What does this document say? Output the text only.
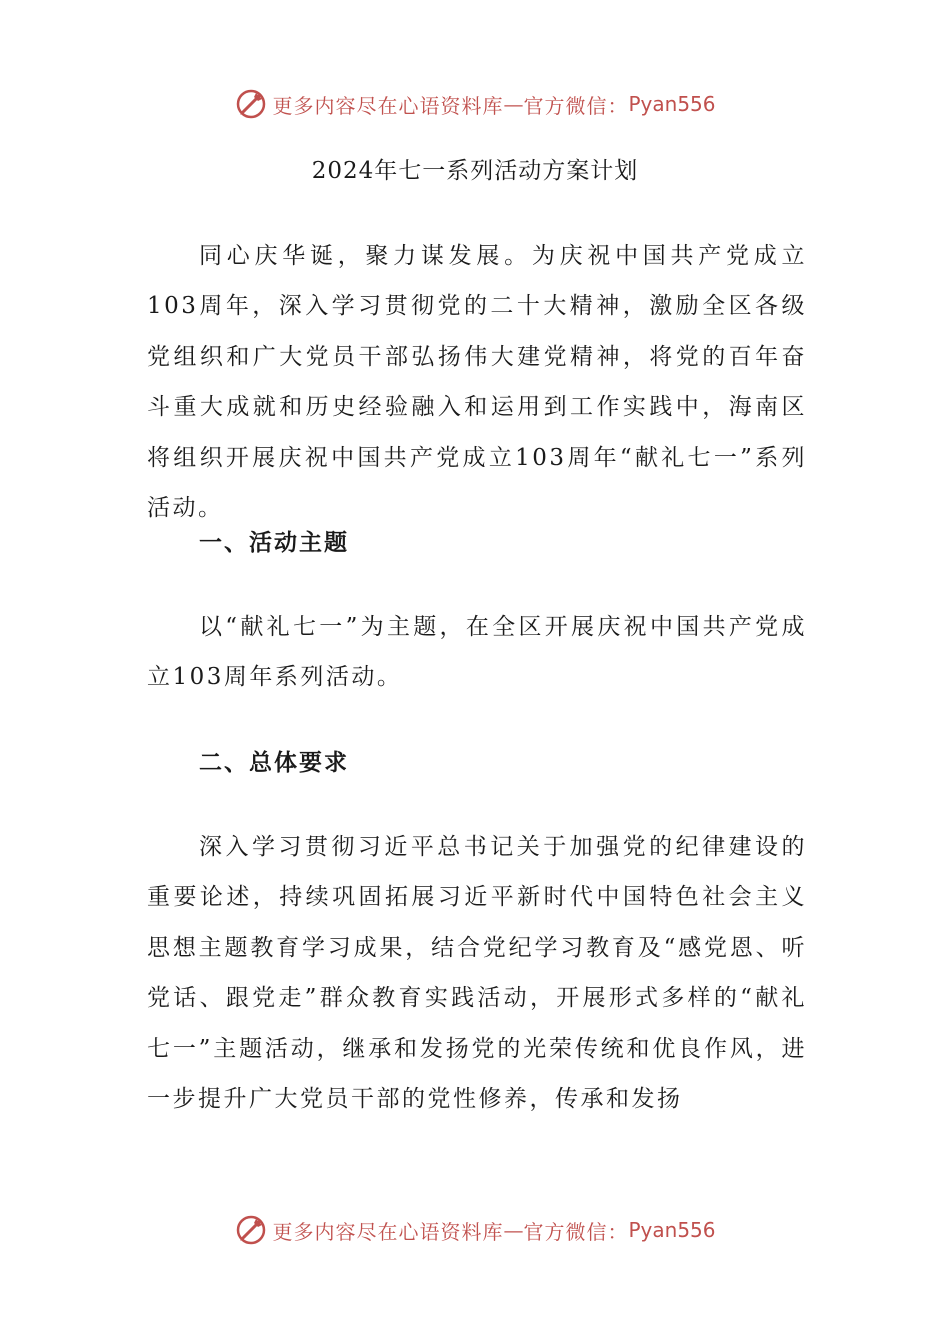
更多内容尽在心语资料库 — 官方微信： Pyan556
2024年七一系列活动方案计划

同心庆华诞，聚力谋发展。为庆祝中国共产党成立103周年，深入学习贯彻党的二十大精神，激励全区各级党组织和广大党员干部弘扬伟大建党精神，将党的百年奋斗重大成就和历史经验融入和运用到工作实践中，海南区将组织开展庆祝中国共产党成立103周年“献礼七一”系列活动。

一、活动主题

以“献礼七一”为主题，在全区开展庆祝中国共产党成立103周年系列活动。

二、总体要求

深入学习贯彻习近平总书记关于加强党的纪律建设的重要论述，持续巩固拓展习近平新时代中国特色社会主义思想主题教育学习成果，结合党纪学习教育及“感党恩、听党话、跟党走”群众教育实践活动，开展形式多样的“献礼七一”主题活动，继承和发扬党的光荣传统和优良作风，进一步提升广大党员干部的党性修养，传承和发扬

更多内容尽在心语资料库 — 官方微信： Pyan556
